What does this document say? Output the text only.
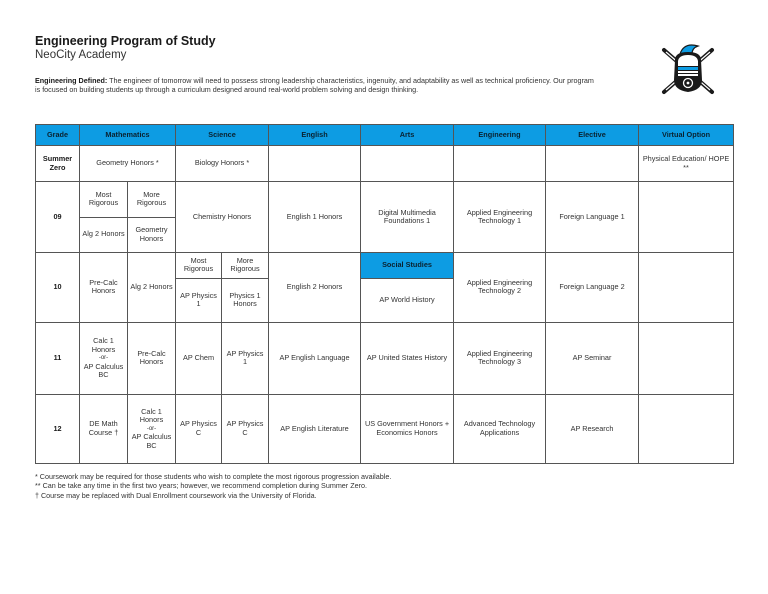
Engineering Program of Study
NeoCity Academy
Engineering Defined: The engineer of tomorrow will need to possess strong leadership characteristics, ingenuity, and adaptability as well as technical proficiency. Our program is focused on building students up through a curriculum designed around real-world problem solving and design thinking.
Grade	Mathematics		Science		English	Arts	Engineering	Elective	Virtual Option
Summer Zero	Geometry Honors *		Biology Honors *						Physical Education/ HOPE **
09	Most Rigorous	More Rigorous	Chemistry Honors		English 1 Honors	Digital Multimedia Foundations 1	Applied Engineering Technology 1	Foreign Language 1	
	Alg 2 Honors	Geometry Honors							
10	Pre-Calc Honors	Alg 2 Honors	Most Rigorous	More Rigorous	English 2 Honors	Social Studies	Applied Engineering Technology 2	Foreign Language 2	
			AP Physics 1	Physics 1 Honors		AP World History			
11	Calc 1 Honors
-or-
AP Calculus BC	Pre-Calc Honors	AP Chem	AP Physics 1	AP English Language	AP United States History	Applied Engineering Technology 3	AP Seminar	
12	DE Math Course †	Calc 1 Honors
-or-
AP Calculus BC	AP Physics C	AP Physics C	AP English Literature	US Government Honors + Economics Honors	Advanced Technology Applications	AP Research	
* Coursework may be required for those students who wish to complete the most rigorous progression available.
** Can be take any time in the first two years; however, we recommend completion during Summer Zero.
† Course may be replaced with Dual Enrollment coursework via the University of Florida.
